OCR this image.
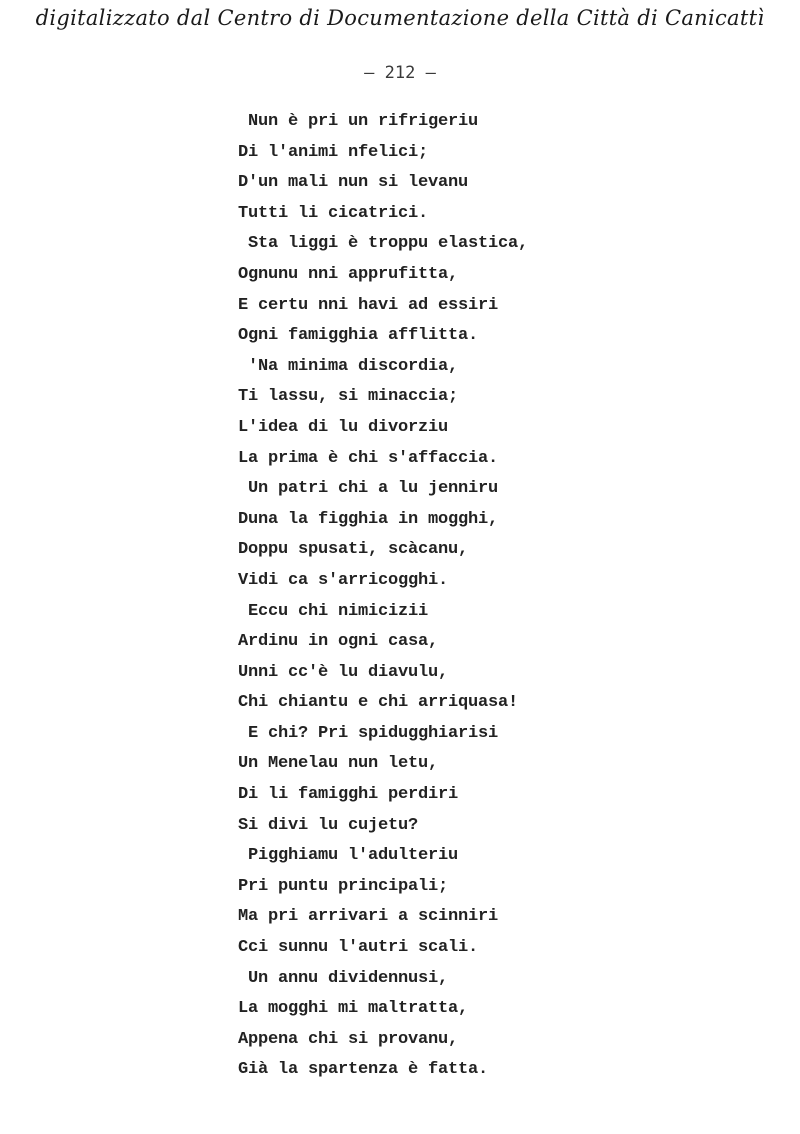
digitalizzato dal Centro di Documentazione della Città di Canicattì
– 212 –
Nun è pri un rifrigeriu
Di l'animi nfelici;
D'un mali nun si levanu
Tutti li cicatrici.
Sta liggi è troppu elastica,
Ognunu nni apprufitta,
E certu nni havi ad essiri
Ogni famigghia afflitta.
'Na minima discordia,
Ti lassu, si minaccia;
L'idea di lu divorziu
La prima è chi s'affaccia.
Un patri chi a lu jenniru
Duna la figghia in mogghi,
Doppu spusati, scàcanu,
Vidi ca s'arricogghi.
Eccu chi nimicizii
Ardinu in ogni casa,
Unni cc'è lu diavulu,
Chi chiantu e chi arriquasa!
E chi? Pri spidugghiarisi
Un Menelau nun letu,
Di li famigghi perdiri
Si divi lu cujetu?
Pigghiamu l'adulteriu
Pri puntu principali;
Ma pri arrivari a scinniri
Cci sunnu l'autri scali.
Un annu dividennusi,
La mogghi mi maltratta,
Appena chi si provanu,
Già la spartenza è fatta.
